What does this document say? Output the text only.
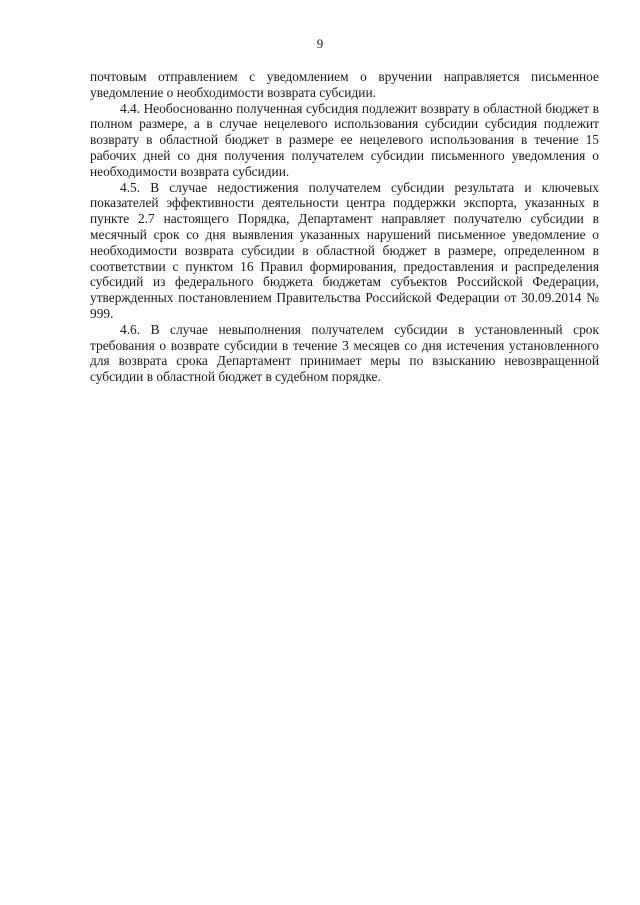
9

почтовым отправлением с уведомлением о вручении направляется письменное уведомление о необходимости возврата субсидии.

4.4. Необоснованно полученная субсидия подлежит возврату в областной бюджет в полном размере, а в случае нецелевого использования субсидии субсидия подлежит возврату в областной бюджет в размере ее нецелевого использования в течение 15 рабочих дней со дня получения получателем субсидии письменного уведомления о необходимости возврата субсидии.

4.5. В случае недостижения получателем субсидии результата и ключевых показателей эффективности деятельности центра поддержки экспорта, указанных в пункте 2.7 настоящего Порядка, Департамент направляет получателю субсидии в месячный срок со дня выявления указанных нарушений письменное уведомление о необходимости возврата субсидии в областной бюджет в размере, определенном в соответствии с пунктом 16 Правил формирования, предоставления и распределения субсидий из федерального бюджета бюджетам субъектов Российской Федерации, утвержденных постановлением Правительства Российской Федерации от 30.09.2014 № 999.

4.6. В случае невыполнения получателем субсидии в установленный срок требования о возврате субсидии в течение 3 месяцев со дня истечения установленного для возврата срока Департамент принимает меры по взысканию невозвращенной субсидии в областной бюджет в судебном порядке.
